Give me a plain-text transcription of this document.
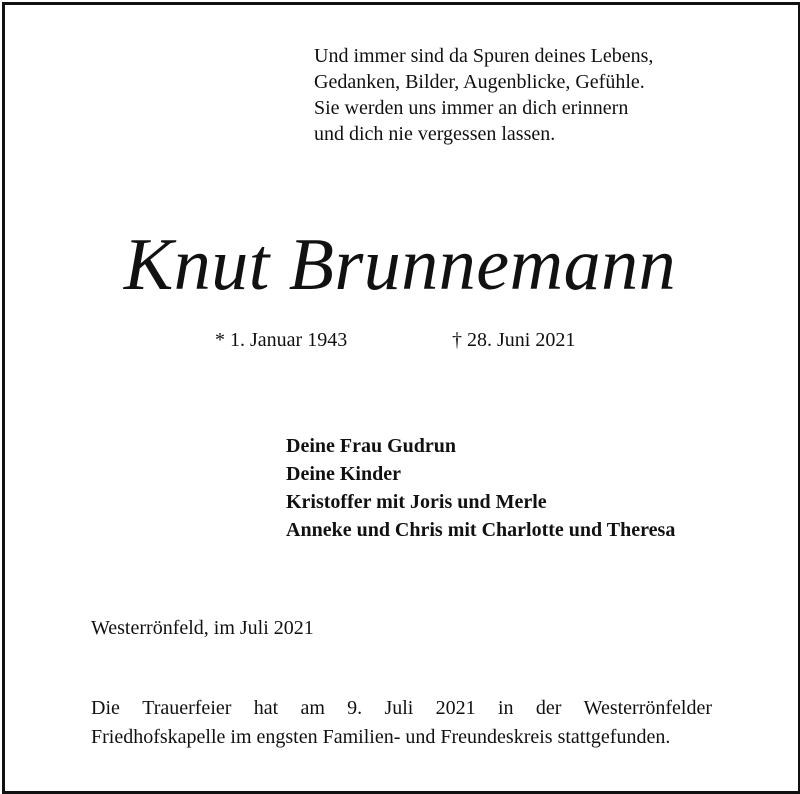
Und immer sind da Spuren deines Lebens,
Gedanken, Bilder, Augenblicke, Gefühle.
Sie werden uns immer an dich erinnern
und dich nie vergessen lassen.
Knut Brunnemann
* 1. Januar 1943	† 28. Juni 2021
Deine Frau Gudrun
Deine Kinder
Kristoffer mit Joris und Merle
Anneke und Chris mit Charlotte und Theresa
Westerrönfeld, im Juli 2021
Die Trauerfeier hat am 9. Juli 2021 in der Westerrönfelder
Friedhofskapelle im engsten Familien- und Freundeskreis stattgefunden.
